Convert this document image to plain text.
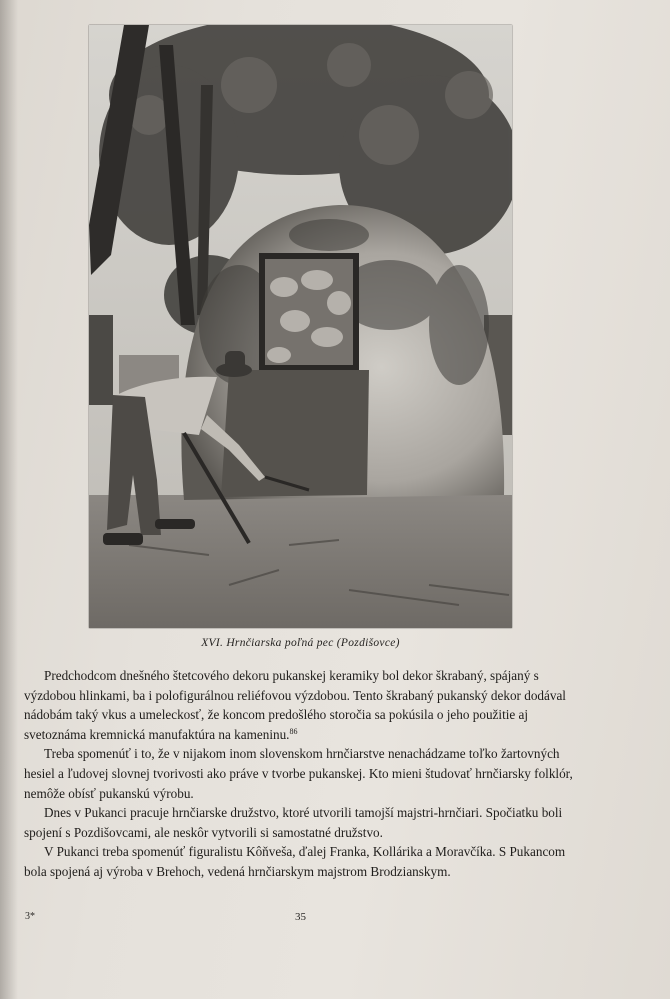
XVI. Hrnčiarska poľná pec (Pozdišovce)

Predchodcom dnešného štetcového dekoru pukanskej keramiky bol dekor škrabaný, spájaný s výzdobou hlinkami, ba i polofigurálnou reliéfovou výzdobou. Tento škrabaný pukanský dekor dodával nádobám taký vkus a umeleckosť, že koncom predošlého storočia sa pokúsila o jeho použitie aj svetoznáma kremnická manufaktúra na kameninu.$^{86}$

Treba spomenúť i to, že v nijakom inom slovenskom hrnčiarstve nenachádzame toľko žartovných hesiel a ľudovej slovnej tvorivosti ako práve v tvorbe pukanskej. Kto mieni študovať hrnčiarsky folklór, nemôže obísť pukanskú výrobu.

Dnes v Pukanci pracuje hrnčiarske družstvo, ktoré utvorili tamojší majstri-hrnčiari. Spočiatku boli spojení s Pozdišovcami, ale neskôr vytvorili si samostatné družstvo.

V Pukanci treba spomenúť figuralistu Kôňveša, ďalej Franka, Kollárika a Moravčíka. S Pukancom bola spojená aj výroba v Brehoch, vedená hrnčiarskym majstrom Brodzianskym.

3*	35
